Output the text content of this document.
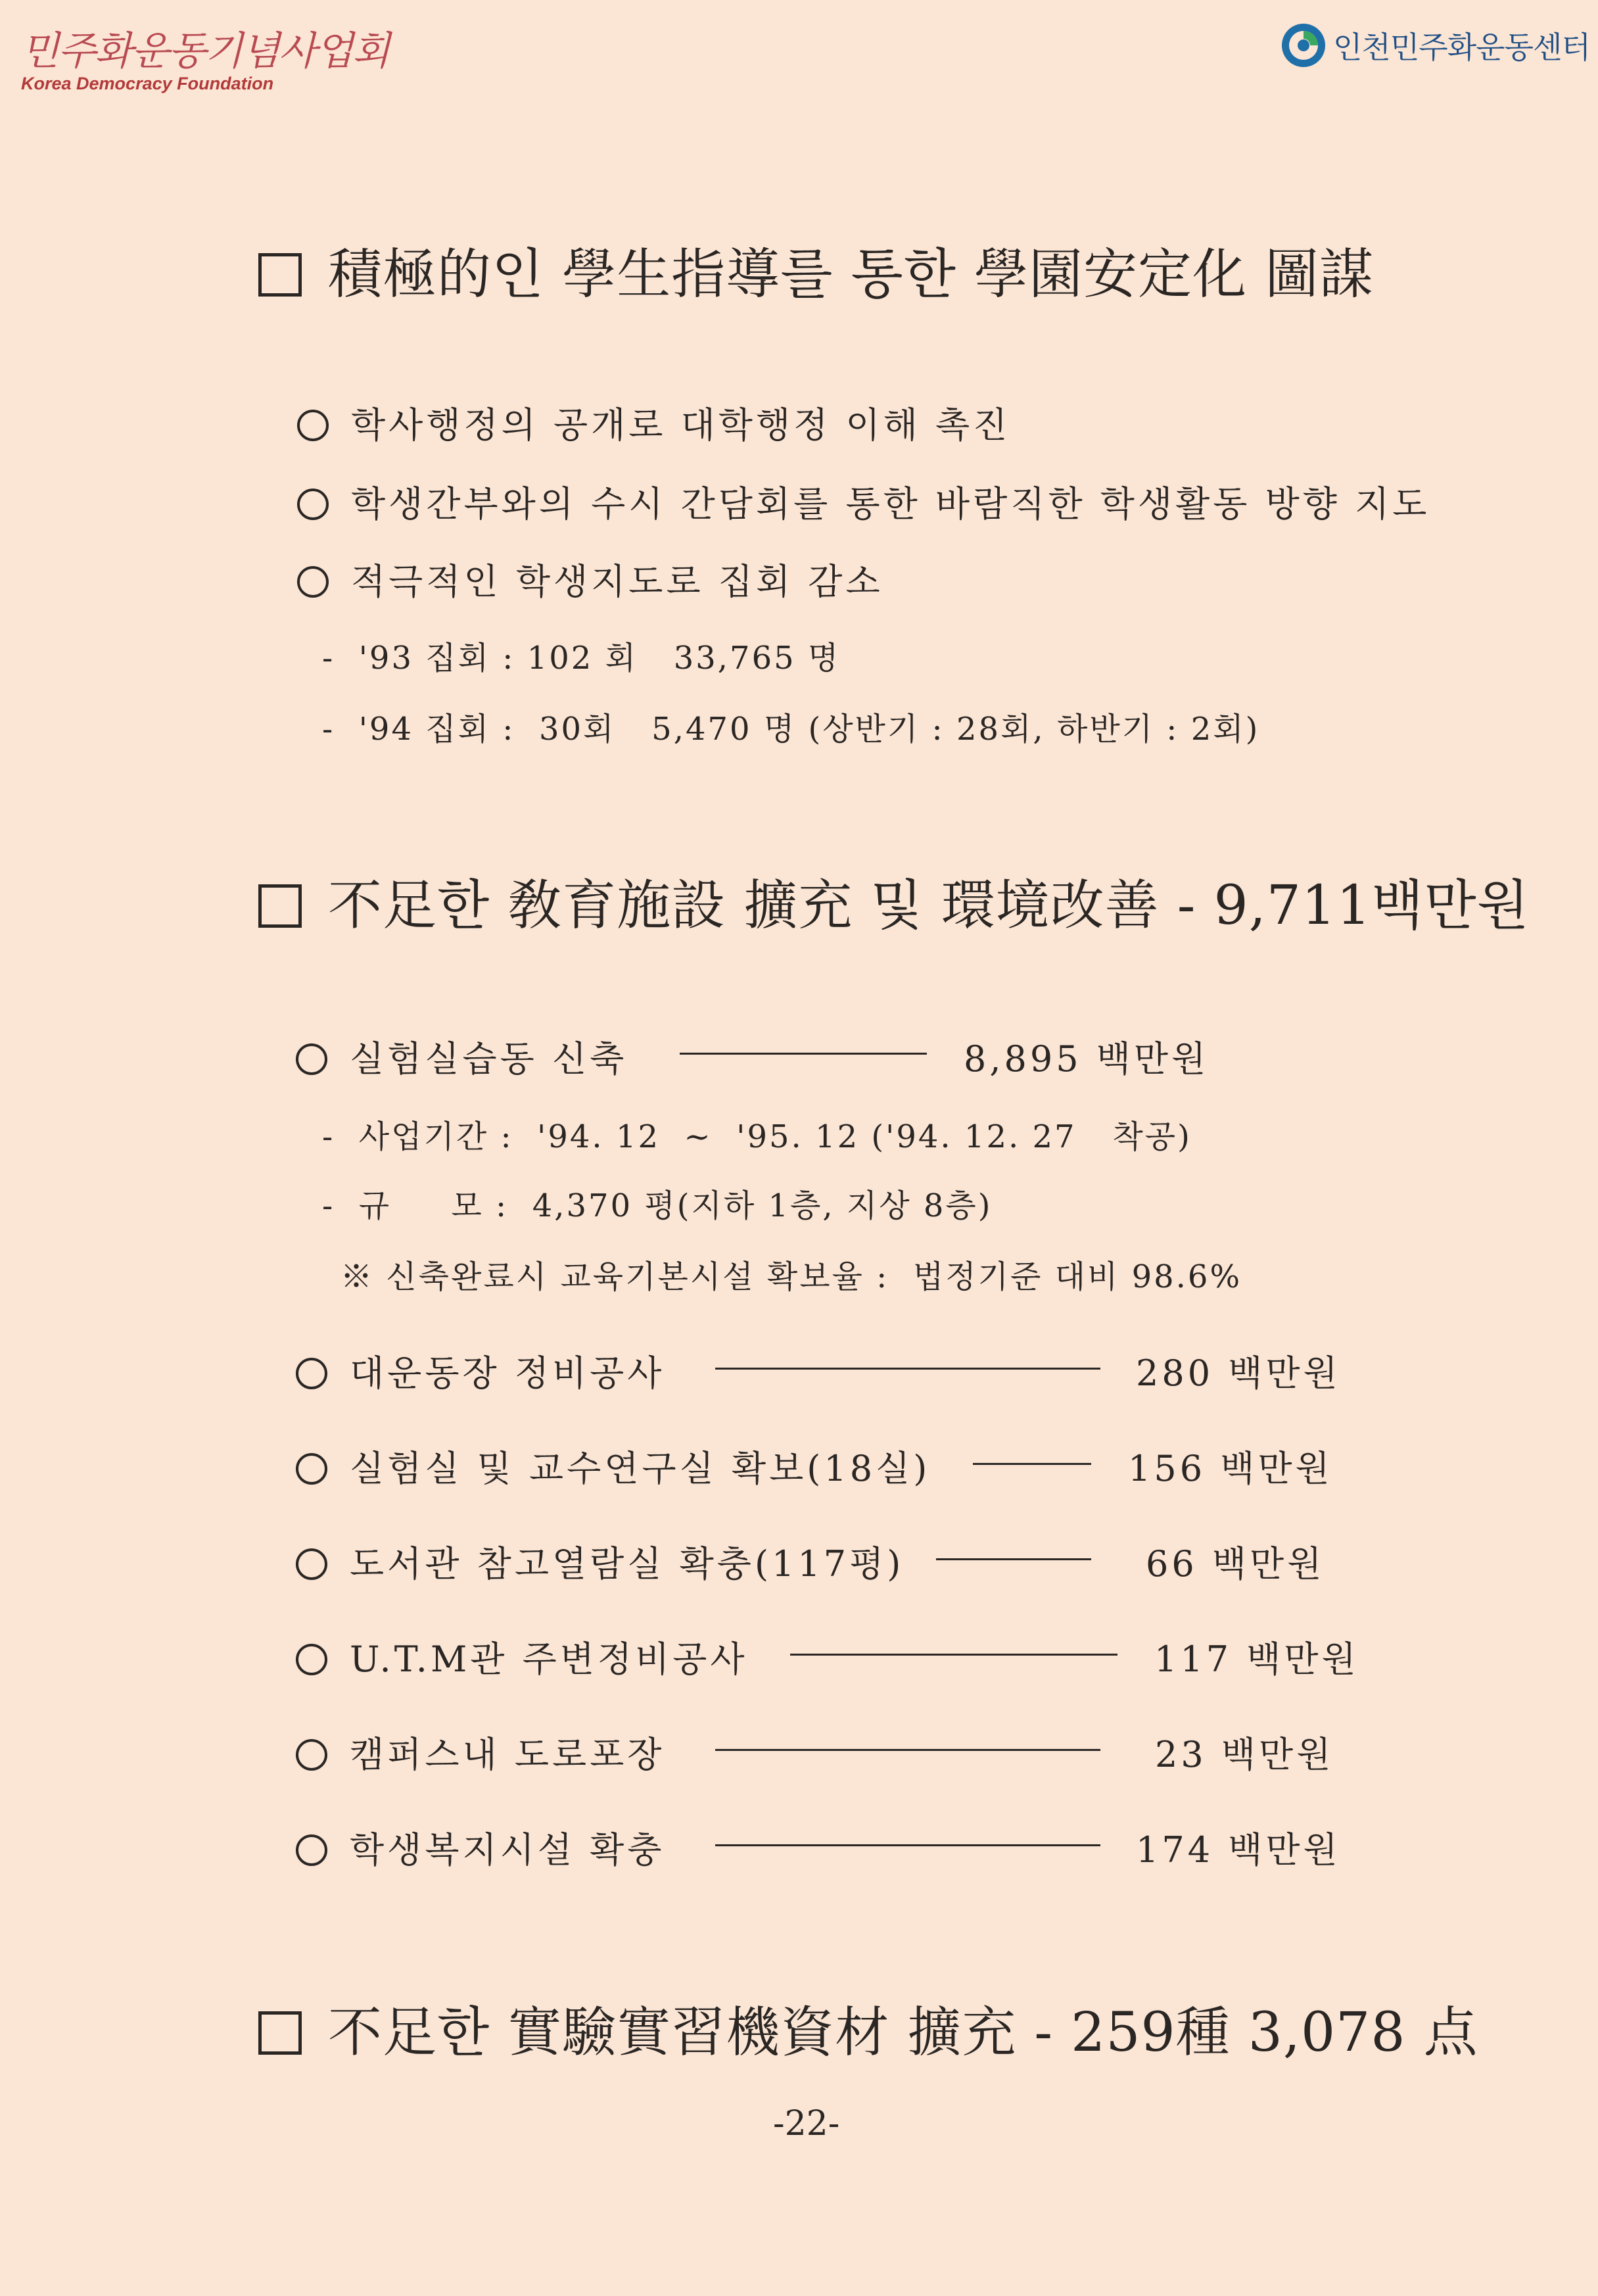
민주화운동기념사업회
Korea Democracy Foundation
인천민주화운동센터
積極的인 學生指導를 통한 學園安定化 圖謀
학사행정의 공개로 대학행정 이해 촉진
학생간부와의 수시 간담회를 통한 바람직한 학생활동 방향 지도
적극적인 학생지도로 집회 감소
-  '93 집회 : 102 회   33,765 명
-  '94 집회 :  30회   5,470 명 (상반기 : 28회, 하반기 : 2회)
不足한 敎育施設 擴充 및 環境改善 - 9,711백만원
실험실습동 신축	8,895 백만원
-  사업기간 :  '94. 12  ~  '95. 12 ('94. 12. 27   착공)
-  규     모 :  4,370 평(지하 1층, 지상 8층)
※ 신축완료시 교육기본시설 확보율 :  법정기준 대비 98.6%
대운동장 정비공사	280 백만원
실험실 및 교수연구실 확보(18실)	156 백만원
도서관 참고열람실 확충(117평)	66 백만원
U.T.M관 주변정비공사	117 백만원
캠퍼스내 도로포장	23 백만원
학생복지시설 확충	174 백만원
不足한 實驗實習機資材 擴充 - 259種 3,078 点
-22-
